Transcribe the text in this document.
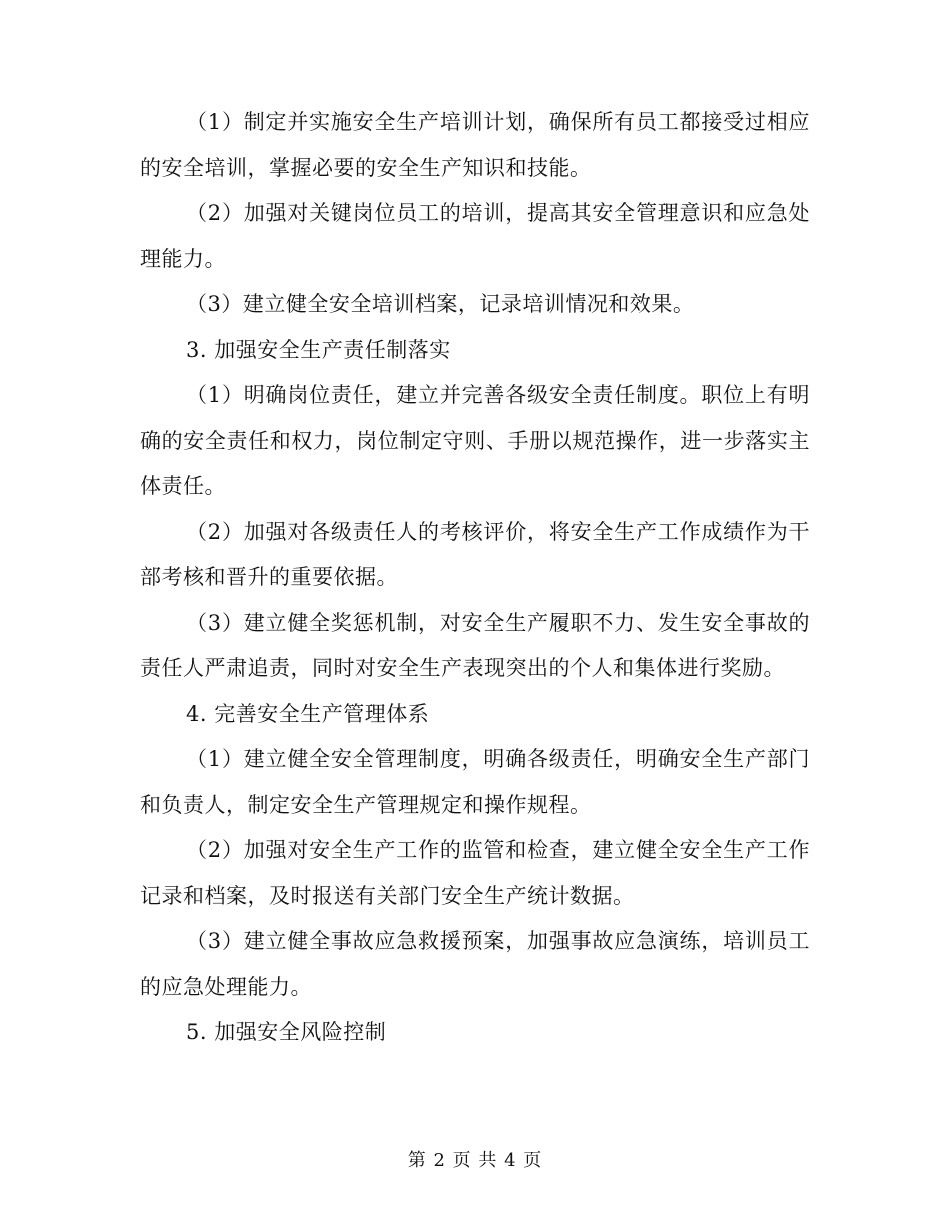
（1）制定并实施安全生产培训计划，确保所有员工都接受过相应的安全培训，掌握必要的安全生产知识和技能。

（2）加强对关键岗位员工的培训，提高其安全管理意识和应急处理能力。

（3）建立健全安全培训档案，记录培训情况和效果。

3. 加强安全生产责任制落实

（1）明确岗位责任，建立并完善各级安全责任制度。职位上有明确的安全责任和权力，岗位制定守则、手册以规范操作，进一步落实主体责任。

（2）加强对各级责任人的考核评价，将安全生产工作成绩作为干部考核和晋升的重要依据。

（3）建立健全奖惩机制，对安全生产履职不力、发生安全事故的责任人严肃追责，同时对安全生产表现突出的个人和集体进行奖励。

4. 完善安全生产管理体系

（1）建立健全安全管理制度，明确各级责任，明确安全生产部门和负责人，制定安全生产管理规定和操作规程。

（2）加强对安全生产工作的监管和检查，建立健全安全生产工作记录和档案，及时报送有关部门安全生产统计数据。

（3）建立健全事故应急救援预案，加强事故应急演练，培训员工的应急处理能力。

5. 加强安全风险控制

第 2 页 共 4 页
